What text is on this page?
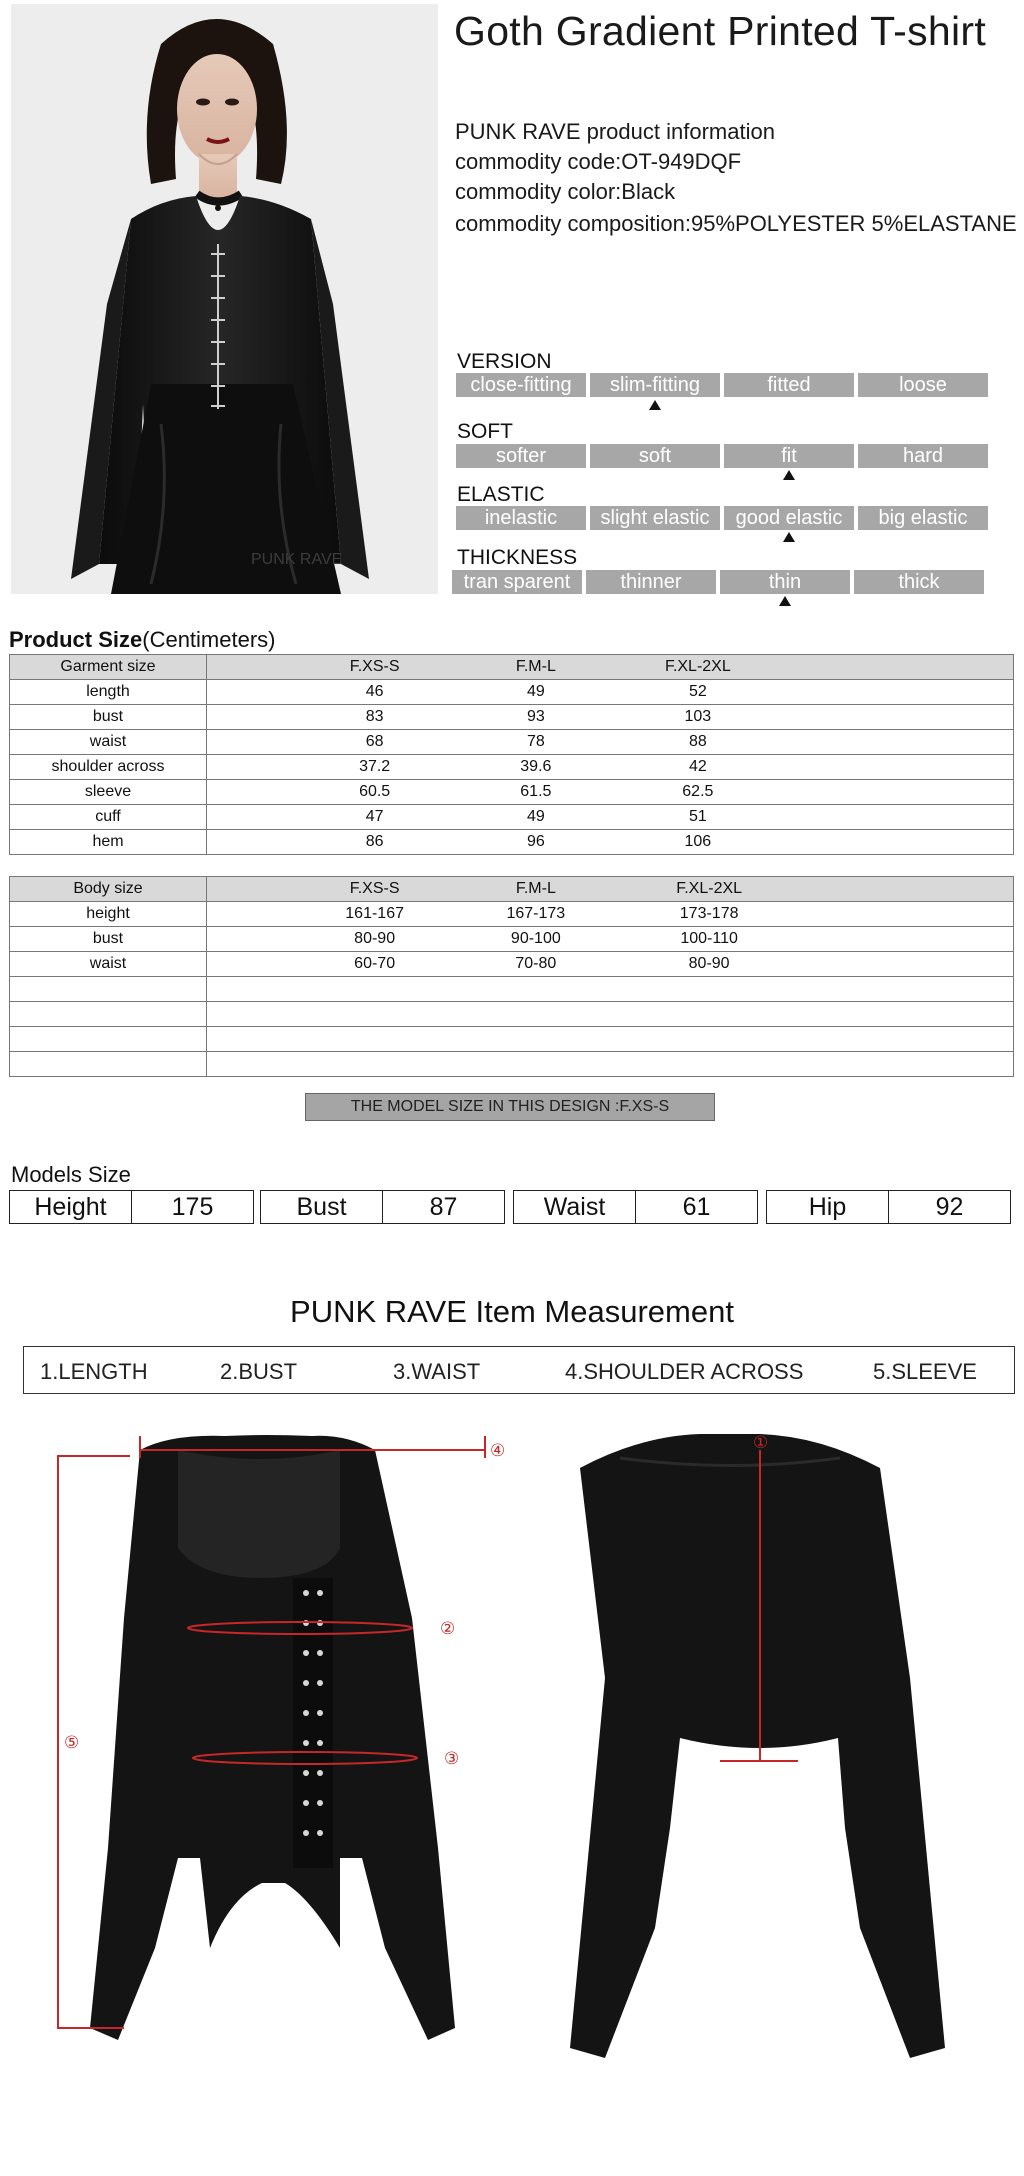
PUNK RAVE
Goth Gradient Printed T-shirt
PUNK RAVE product information
commodity code:OT-949DQF
commodity color:Black
commodity composition:95%POLYESTER 5%ELASTANE
VERSION
close-fitting	slim-fitting	fitted	loose
SOFT
softer	soft	fit	hard
ELASTIC
inelastic	slight elastic	good elastic	big elastic
THICKNESS
tran sparent	thinner	thin	thick
Product Size(Centimeters)
Garment size	F.XS-S F.M-L F.XL-2XL

length	46 49 52

bust	83 93 103

waist	68 78 88

shoulder across	37.2 39.6 42

sleeve	60.5 61.5 62.5

cuff	47 49 51

hem	86 96 106
Body size	F.XS-S F.M-L F.XL-2XL

height	161-167 167-173 173-178

bust	80-90 90-100 100-110

waist	60-70 70-80 80-90

THE MODEL SIZE IN THIS DESIGN :F.XS-S
Models Size
Height	175	Bust	87	Waist	61	Hip	92
PUNK RAVE Item Measurement
1.LENGTH	2.BUST	3.WAIST	4.SHOULDER ACROSS	5.SLEEVE
④
②
③
⑤
①
